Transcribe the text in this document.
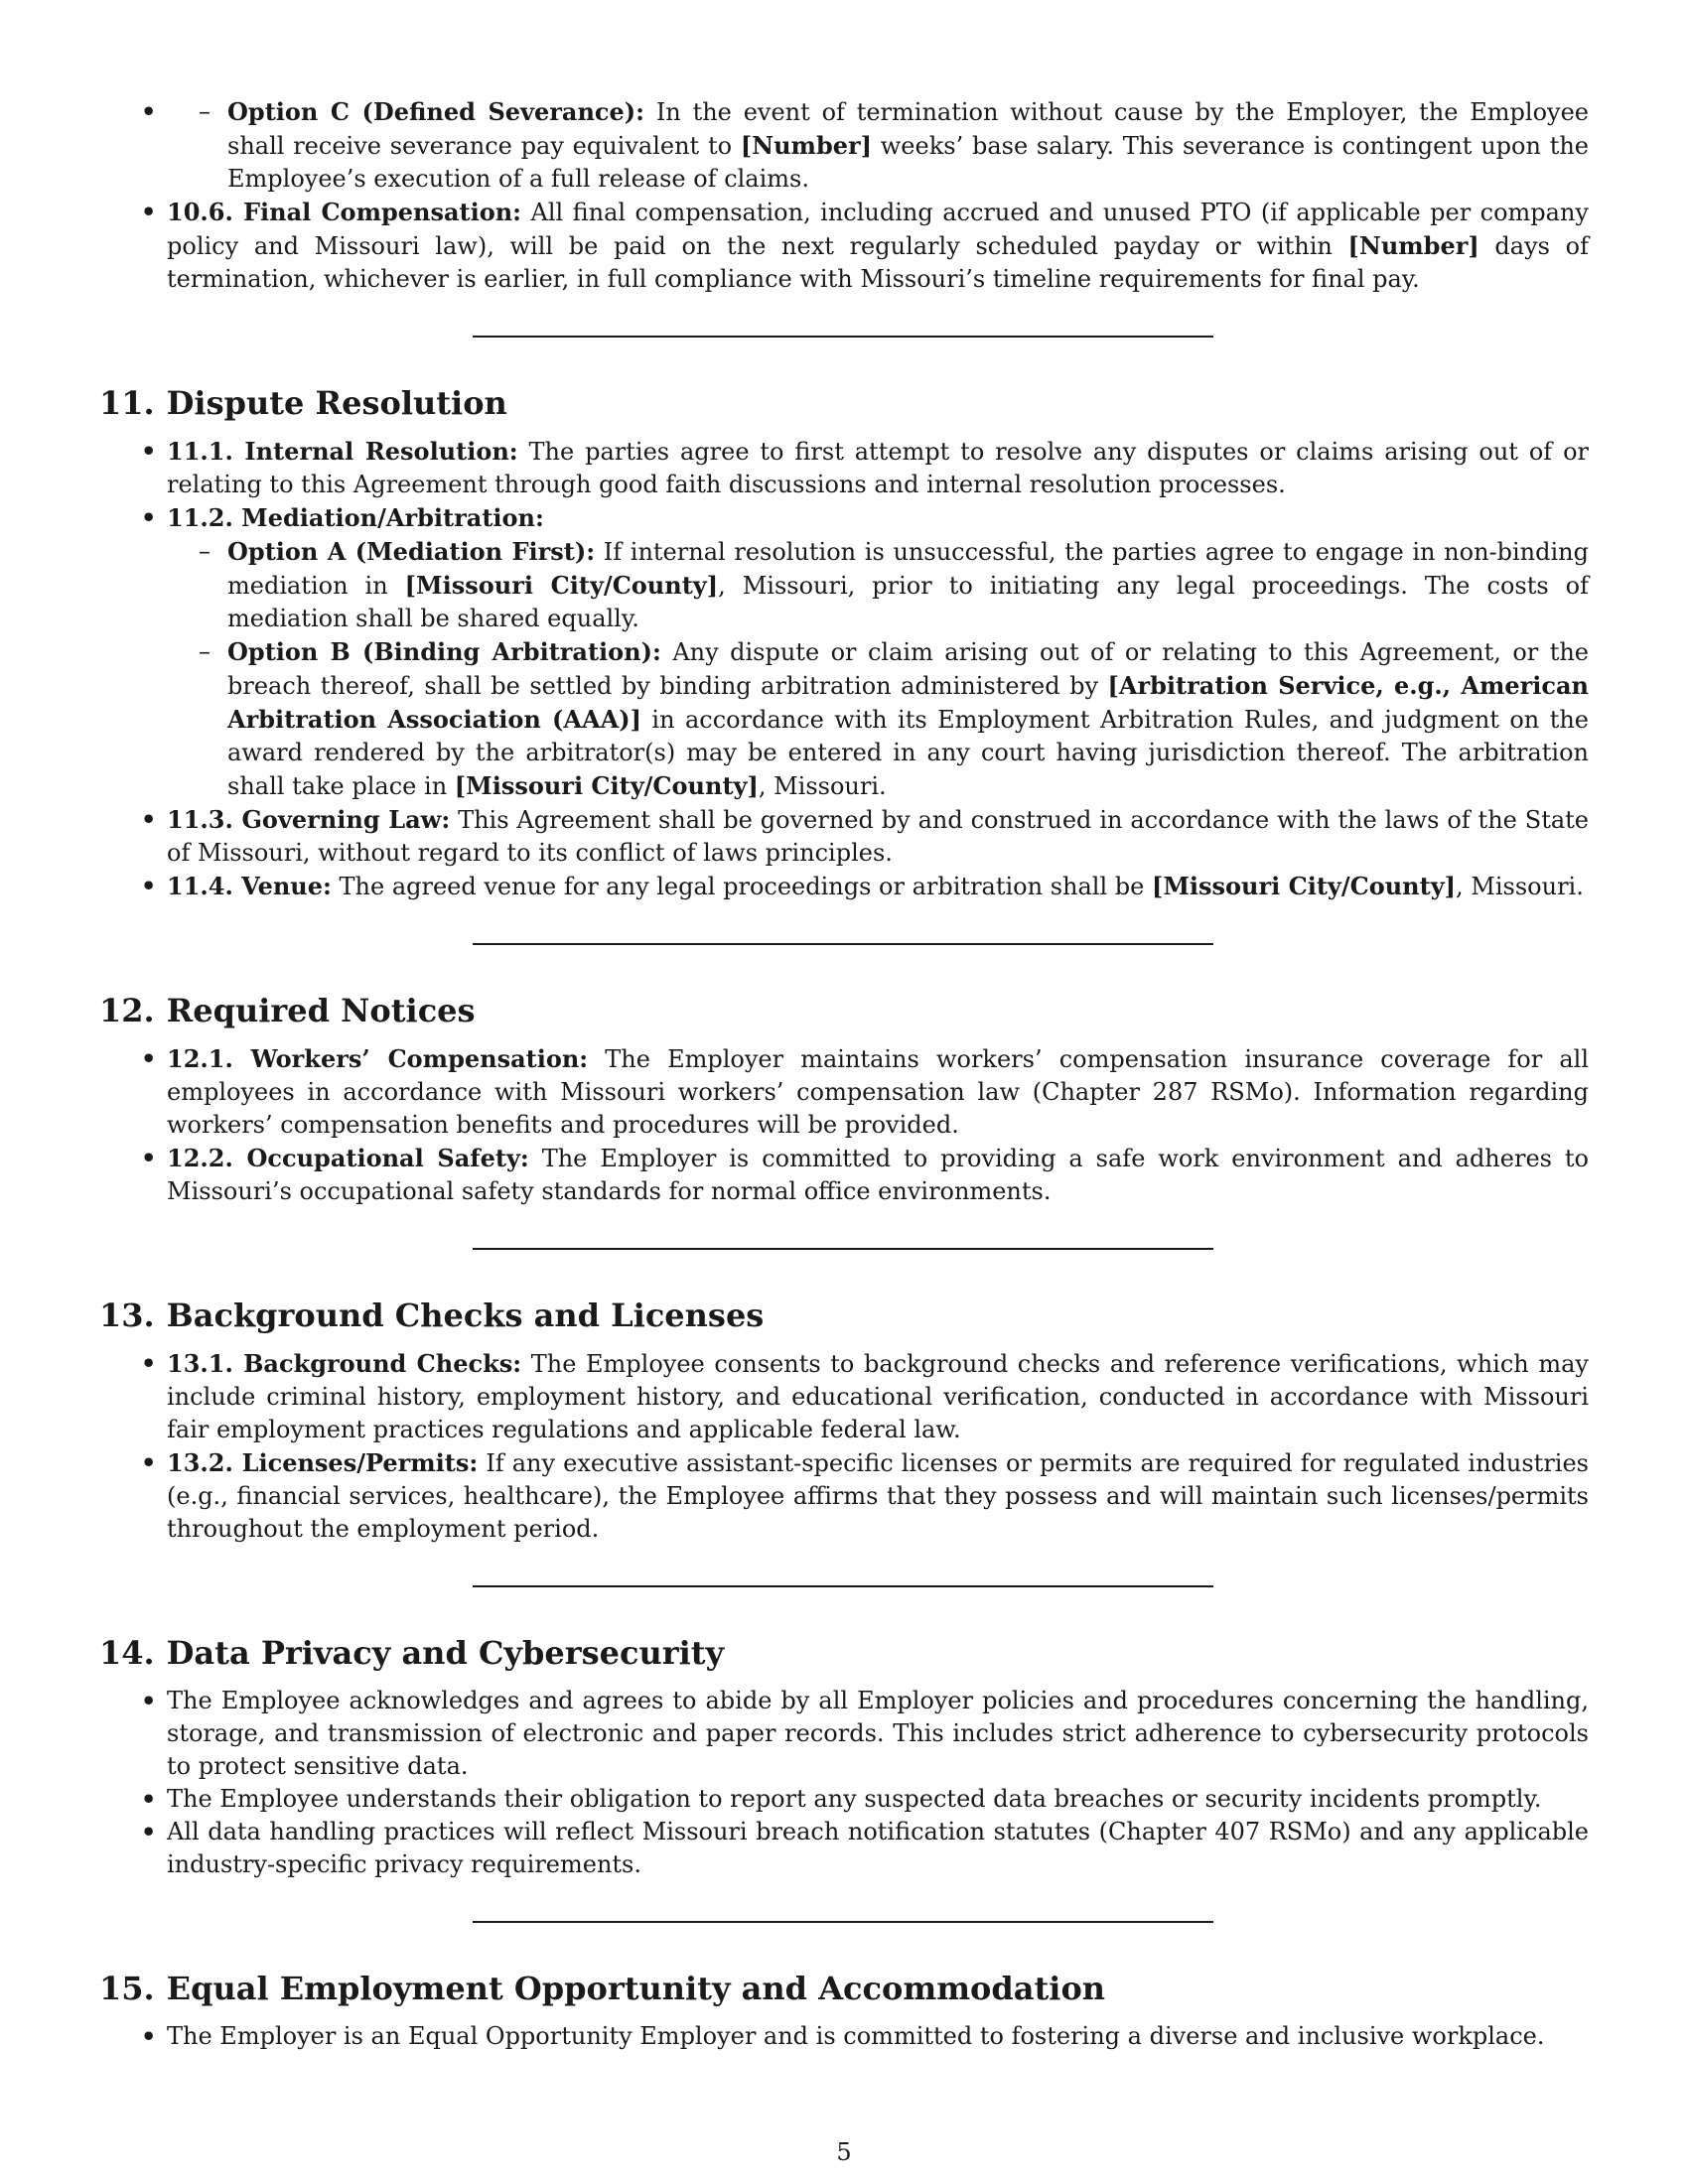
– • Option C (Defined Severance): In the event of termination without cause by the Employer, the Employee shall receive severance pay equivalent to [Number] weeks’ base salary. This severance is contingent upon the Employee’s execution of a full release of claims.
• 10.6. Final Compensation: All final compensation, including accrued and unused PTO (if applicable per company policy and Missouri law), will be paid on the next regularly scheduled payday or within [Number] days of termination, whichever is earlier, in full compliance with Missouri’s timeline requirements for final pay.
11. Dispute Resolution
• 11.1. Internal Resolution: The parties agree to first attempt to resolve any disputes or claims arising out of or relating to this Agreement through good faith discussions and internal resolution processes.
• 11.2. Mediation/Arbitration:
– Option A (Mediation First): If internal resolution is unsuccessful, the parties agree to engage in non-binding mediation in [Missouri City/County], Missouri, prior to initiating any legal proceedings. The costs of mediation shall be shared equally.
– Option B (Binding Arbitration): Any dispute or claim arising out of or relating to this Agreement, or the breach thereof, shall be settled by binding arbitration administered by [Arbitration Service, e.g., American Arbitration Association (AAA)] in accordance with its Employment Arbitration Rules, and judgment on the award rendered by the arbitrator(s) may be entered in any court having jurisdiction thereof. The arbitration shall take place in [Missouri City/County], Missouri.
• 11.3. Governing Law: This Agreement shall be governed by and construed in accordance with the laws of the State of Missouri, without regard to its conflict of laws principles.
• 11.4. Venue: The agreed venue for any legal proceedings or arbitration shall be [Missouri City/County], Missouri.
12. Required Notices
• 12.1. Workers’ Compensation: The Employer maintains workers’ compensation insurance coverage for all employees in accordance with Missouri workers’ compensation law (Chapter 287 RSMo). Information regarding workers’ compensation benefits and procedures will be provided.
• 12.2. Occupational Safety: The Employer is committed to providing a safe work environment and adheres to Missouri’s occupational safety standards for normal office environments.
13. Background Checks and Licenses
• 13.1. Background Checks: The Employee consents to background checks and reference verifications, which may include criminal history, employment history, and educational verification, conducted in accordance with Missouri fair employment practices regulations and applicable federal law.
• 13.2. Licenses/Permits: If any executive assistant-specific licenses or permits are required for regulated industries (e.g., financial services, healthcare), the Employee affirms that they possess and will maintain such licenses/permits throughout the employment period.
14. Data Privacy and Cybersecurity
• The Employee acknowledges and agrees to abide by all Employer policies and procedures concerning the handling, storage, and transmission of electronic and paper records. This includes strict adherence to cybersecurity protocols to protect sensitive data.
• The Employee understands their obligation to report any suspected data breaches or security incidents promptly.
• All data handling practices will reflect Missouri breach notification statutes (Chapter 407 RSMo) and any applicable industry-specific privacy requirements.
15. Equal Employment Opportunity and Accommodation
• The Employer is an Equal Opportunity Employer and is committed to fostering a diverse and inclusive workplace.
5
